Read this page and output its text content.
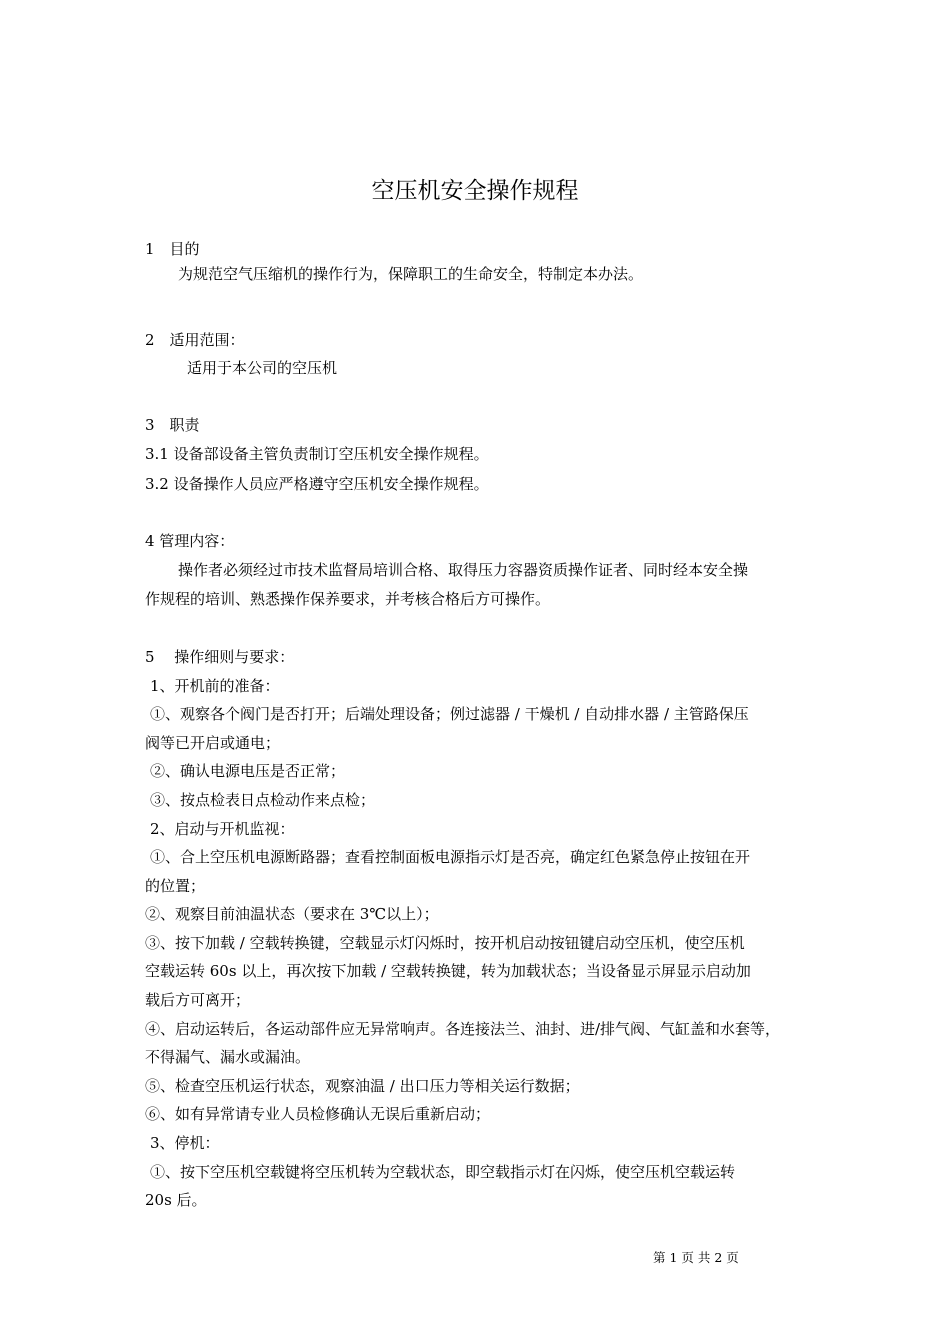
空压机安全操作规程
1　目的
为规范空气压缩机的操作行为，保障职工的生命安全，特制定本办法。
2　适用范围：
适用于本公司的空压机
3　职责
3.1 设备部设备主管负责制订空压机安全操作规程。
3.2 设备操作人员应严格遵守空压机安全操作规程。
4 管理内容：
操作者必须经过市技术监督局培训合格、取得压力容器资质操作证者、同时经本安全操
作规程的培训、熟悉操作保养要求，并考核合格后方可操作。
5　 操作细则与要求：
1、开机前的准备：
①、观察各个阀门是否打开；后端处理设备；例过滤器 / 干燥机 / 自动排水器 / 主管路保压
阀等已开启或通电；
②、确认电源电压是否正常；
③、按点检表日点检动作来点检；
2、启动与开机监视：
①、合上空压机电源断路器；查看控制面板电源指示灯是否亮，确定红色紧急停止按钮在开
的位置；
②、观察目前油温状态（要求在 3℃以上）；
③、按下加载 / 空载转换键，空载显示灯闪烁时，按开机启动按钮键启动空压机，使空压机
空载运转 60s 以上，再次按下加载 / 空载转换键，转为加载状态；当设备显示屏显示启动加
载后方可离开；
④、启动运转后，各运动部件应无异常响声。各连接法兰、油封、进/排气阀、气缸盖和水套等，
不得漏气、漏水或漏油。
⑤、检查空压机运行状态，观察油温 / 出口压力等相关运行数据；
⑥、如有异常请专业人员检修确认无误后重新启动；
3、停机：
①、按下空压机空载键将空压机转为空载状态，即空载指示灯在闪烁，使空压机空载运转
20s 后。
第 1 页 共 2 页
